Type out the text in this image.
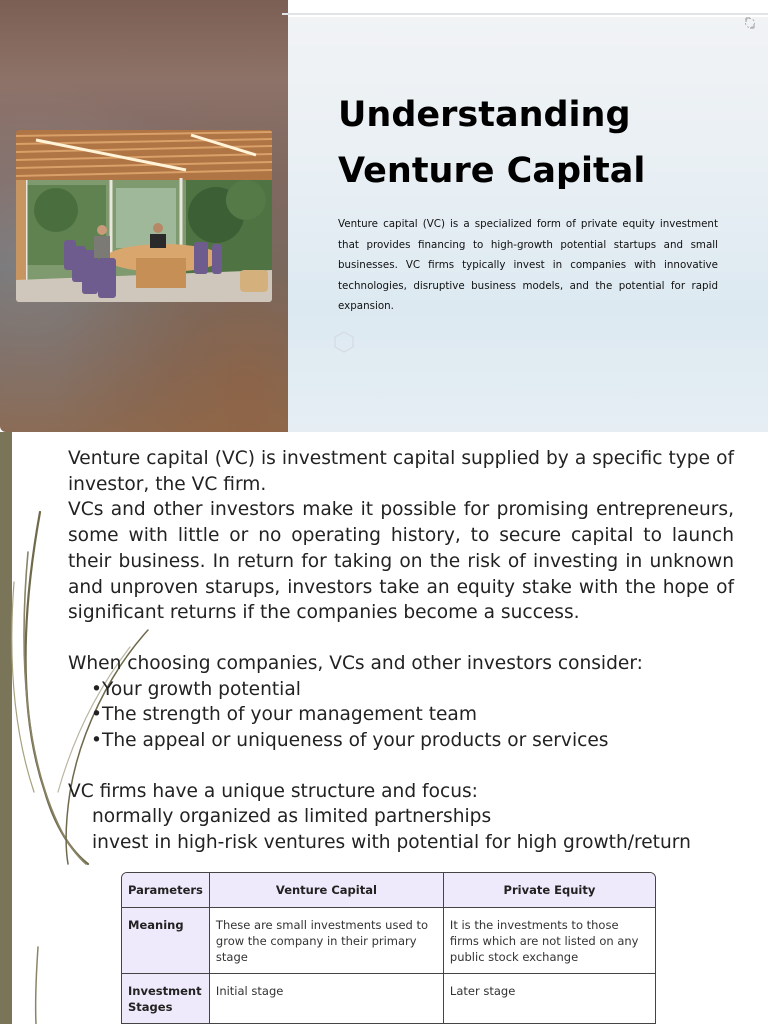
Understanding
Venture Capital

Venture capital (VC) is a specialized form of private equity investment that provides financing to high-growth potential startups and small businesses. VC firms typically invest in companies with innovative technologies, disruptive business models, and the potential for rapid expansion.

Venture capital (VC) is investment capital supplied by a specific type of investor, the VC firm.

VCs and other investors make it possible for promising entrepreneurs, some with little or no operating history, to secure capital to launch their business. In return for taking on the risk of investing in unknown and unproven starups, investors take an equity stake with the hope of significant returns if the companies become a success.

When choosing companies, VCs and other investors consider:

•Your growth potential

•The strength of your management team

•The appeal or uniqueness of your products or services

VC firms have a unique structure and focus:

normally organized as limited partnerships

invest in high-risk ventures with potential for high growth/return

Parameters	Venture Capital	Private Equity
Meaning	These are small investments used to grow the company in their primary stage	It is the investments to those firms which are not listed on any public stock exchange
Investment Stages	Initial stage	Later stage
